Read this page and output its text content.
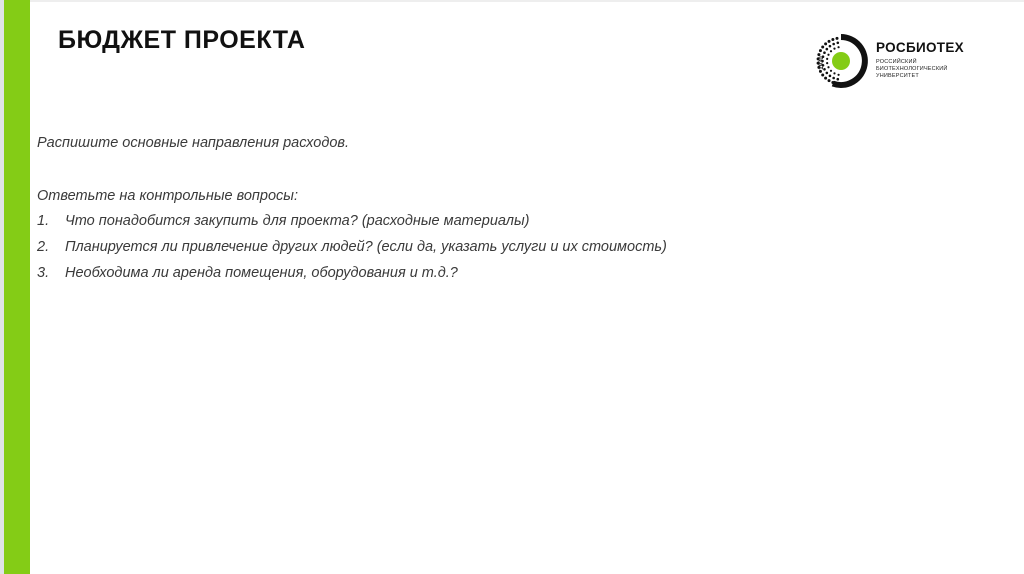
БЮДЖЕТ ПРОЕКТА
1930
РОСБИОТЕХ
РОССИЙСКИЙ
БИОТЕХНОЛОГИЧЕСКИЙ
УНИВЕРСИТЕТ
Распишите основные направления расходов.
Ответьте на контрольные вопросы:
1.	Что понадобится закупить для проекта? (расходные материалы)
2.	Планируется ли привлечение других людей? (если да, указать услуги и их стоимость)
3.	Необходима ли аренда помещения, оборудования и т.д.?
